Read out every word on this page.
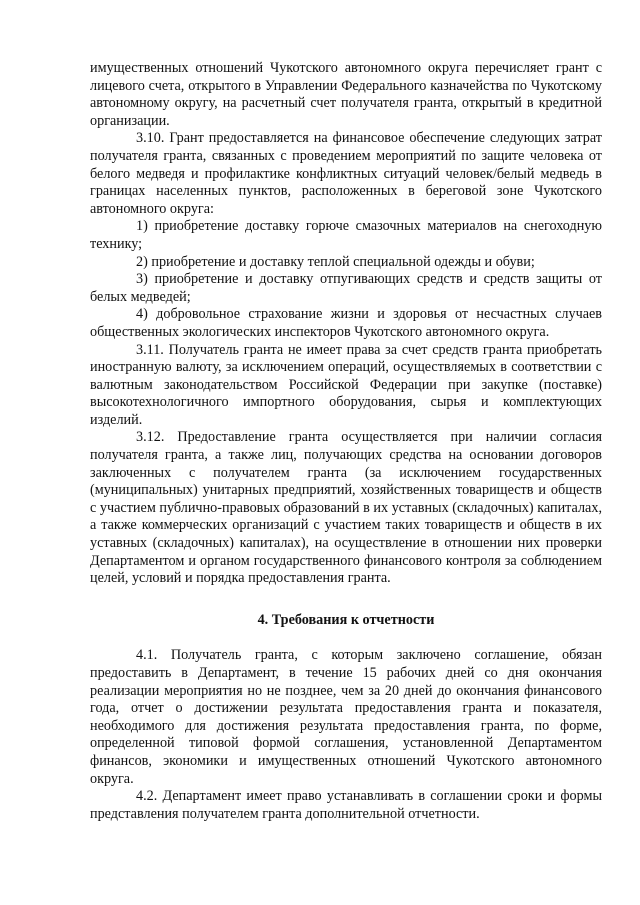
имущественных отношений Чукотского автономного округа перечисляет грант с лицевого счета, открытого в Управлении Федерального казначейства по Чукотскому автономному округу, на расчетный счет получателя гранта, открытый в кредитной организации.

3.10. Грант предоставляется на финансовое обеспечение следующих затрат получателя гранта, связанных с проведением мероприятий по защите человека от белого медведя и профилактике конфликтных ситуаций человек/белый медведь в границах населенных пунктов, расположенных в береговой зоне Чукотского автономного округа:

1) приобретение доставку горюче смазочных материалов на снегоходную технику;

2) приобретение и доставку теплой специальной одежды и обуви;

3) приобретение и доставку отпугивающих средств и средств защиты от белых медведей;

4) добровольное страхование жизни и здоровья от несчастных случаев общественных экологических инспекторов Чукотского автономного округа.

3.11. Получатель гранта не имеет права за счет средств гранта приобретать иностранную валюту, за исключением операций, осуществляемых в соответствии с валютным законодательством Российской Федерации при закупке (поставке) высокотехнологичного импортного оборудования, сырья и комплектующих изделий.

3.12. Предоставление гранта осуществляется при наличии согласия получателя гранта, а также лиц, получающих средства на основании договоров заключенных с получателем гранта (за исключением государственных (муниципальных) унитарных предприятий, хозяйственных товариществ и обществ с участием публично-правовых образований в их уставных (складочных) капиталах, а также коммерческих организаций с участием таких товариществ и обществ в их уставных (складочных) капиталах), на осуществление в отношении них проверки Департаментом и органом государственного финансового контроля за соблюдением целей, условий и порядка предоставления гранта.

4. Требования к отчетности

4.1. Получатель гранта, с которым заключено соглашение, обязан предоставить в Департамент, в течение 15 рабочих дней со дня окончания реализации мероприятия но не позднее, чем за 20 дней до окончания финансового года, отчет о достижении результата предоставления гранта и показателя, необходимого для достижения результата предоставления гранта, по форме, определенной типовой формой соглашения, установленной Департаментом финансов, экономики и имущественных отношений Чукотского автономного округа.

4.2. Департамент имеет право устанавливать в соглашении сроки и формы представления получателем гранта дополнительной отчетности.
